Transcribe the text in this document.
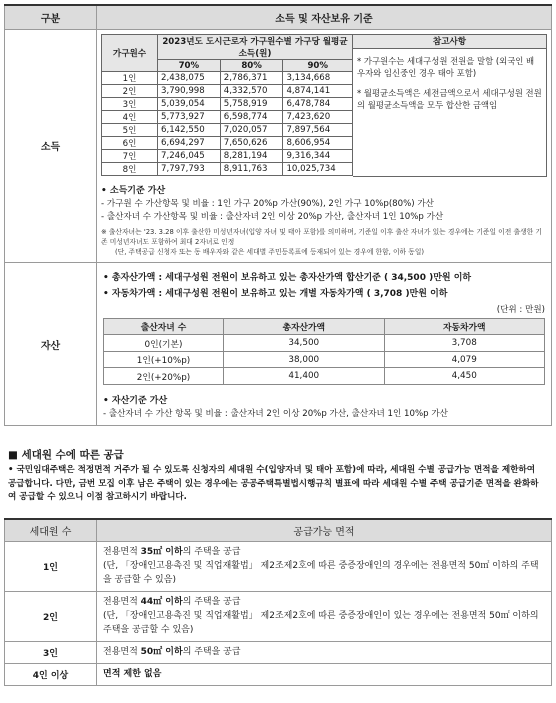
구분	소득 및 자산보유 기준
소득	
가구원수	2023년도 도시근로자 가구원수별 가구당 월평균 소득(원)
70%	80%	90%
1인	2,438,075	2,786,371	3,134,668
2인	3,790,998	4,332,570	4,874,141
3인	5,039,054	5,758,919	6,478,784
4인	5,773,927	6,598,774	7,423,620
5인	6,142,550	7,020,057	7,897,564
6인	6,694,297	7,650,626	8,606,954
7인	7,246,045	8,281,194	9,316,344
8인	7,797,793	8,911,763	10,025,734

참고사항
* 가구원수는 세대구성원 전원을 말함 (외국인 배우자와 임신중인 경우 태아 포함)
* 월평균소득액은 세전금액으로서 세대구성원 전원의 월평균소득액을 모두 합산한 금액임
• 소득기준 가산
- 가구원 수 가산항목 및 비율 : 1인 가구 20%p 가산(90%), 2인 가구 10%p(80%) 가산
- 출산자녀 수 가산항목 및 비율 : 출산자녀 2인 이상 20%p 가산, 출산자녀 1인 10%p 가산
※ 출산자녀는 '23. 3.28 이후 출산한 미성년자녀(입양 자녀 및 태아 포함)를 의미하며, 기준일 이후 출산 자녀가 있는 경우에는 기준일 이전 출생한 기존 미성년자녀도 포함하여 최대 2자녀로 인정
(단, 주택공급 신청자 또는 동 배우자와 같은 세대별 주민등록표에 등재되어 있는 경우에 한함, 이하 동일)

자산	
• 총자산가액 : 세대구성원 전원이 보유하고 있는 총자산가액 합산기준 ( 34,500 )만원 이하
• 자동차가액 : 세대구성원 전원이 보유하고 있는 개별 자동차가액 ( 3,708 )만원 이하
(단위 : 만원)
출산자녀 수	총자산가액	자동차가액
0인(기본)	34,500	3,708
1인(+10%p)	38,000	4,079
2인(+20%p)	41,400	4,450
• 자산기준 가산
- 출산자녀 수 가산 항목 및 비율 : 출산자녀 2인 이상 20%p 가산, 출산자녀 1인 10%p 가산
■ 세대원 수에 따른 공급
• 국민임대주택은 적정면적 거주가 될 수 있도록 신청자의 세대원 수(입양자녀 및 태아 포함)에 따라, 세대원 수별 공급가능 면적을 제한하여 공급합니다. 다만, 금번 모집 이후 남은 주택이 있는 경우에는 공공주택특별법시행규칙 별표에 따라 세대원 수별 주택 공급기준 면적을 완화하여 공급할 수 있으니 이점 참고하시기 바랍니다.
세대원 수	공급가능 면적
1인	전용면적 35㎡ 이하의 주택을 공급
(단, 「장애인고용촉진 및 직업재활법」 제2조제2호에 따른 중증장애인의 경우에는 전용면적 50㎡ 이하의 주택을 공급할 수 있음)

2인	전용면적 44㎡ 이하의 주택을 공급
(단, 「장애인고용촉진 및 직업재활법」 제2조제2호에 따른 중증장애인이 있는 경우에는 전용면적 50㎡ 이하의 주택을 공급할 수 있음)

3인	전용면적 50㎡ 이하의 주택을 공급

4인 이상	면적 제한 없음
